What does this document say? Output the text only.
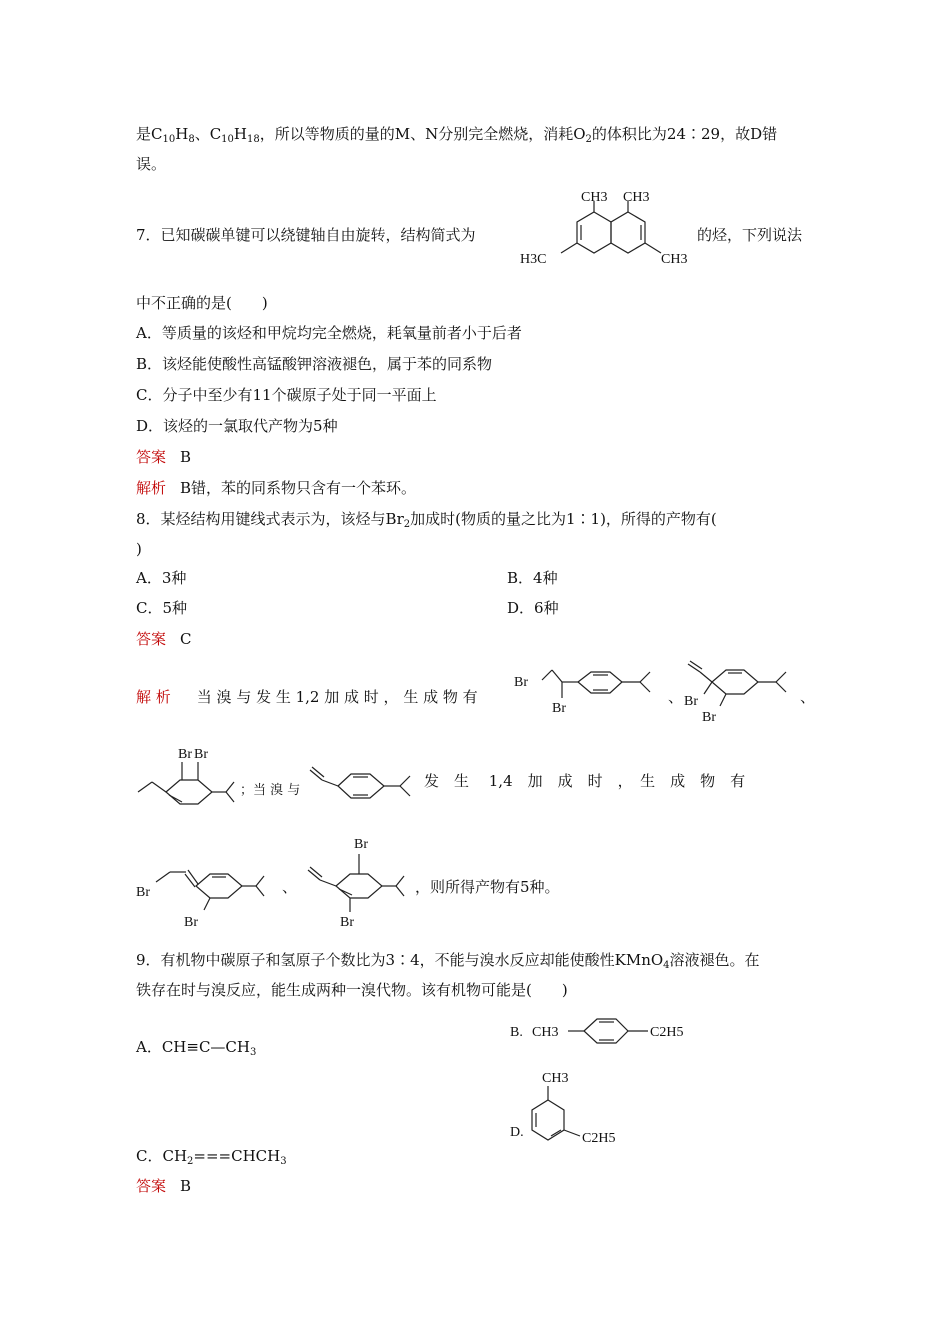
是$C_{10}H_8$、$C_{10}H_{18}$，所以等物质的量的M、N分别完全燃烧，消耗$O_2$的体积比为24∶29，故D错
误。
7．已知碳碳单键可以绕键轴自由旋转，结构简式为	的烃，下列说法
CH3 CH3
H3C	CH3
中不正确的是(　　)
A．等质量的该烃和甲烷均完全燃烧，耗氧量前者小于后者
B．该烃能使酸性高锰酸钾溶液褪色，属于苯的同系物
C．分子中至少有11个碳原子处于同一平面上
D．该烃的一氯取代产物为5种
答案 B
解析 B错，苯的同系物只含有一个苯环。
8．某烃结构用键线式表示为，该烃与$Br_2$加成时(物质的量之比为1∶1)，所得的产物有(
)
A．3种	B．4种
C．5种	D．6种
答案 C
解 析 当 溴 与 发 生 1,2 加 成 时 ， 生 成 物 有
Br
Br
、 Br
Br
、
Br Br
；当 溴 与
发　生　 1,4　加　成　时　，　生　成　物　有
Br
Br
、
Br
Br
，则所得产物有5种。
9．有机物中碳原子和氢原子个数比为3∶4，不能与溴水反应却能使酸性KMnO$_4$溶液褪色。在
铁存在时与溴反应，能生成两种一溴代物。该有机物可能是(　　)
A．$CH\equiv C—CH_3$
B. CH3	C2H5
CH3
C2H5
D.
C．$CH_2===CHCH_3$
答案 B
